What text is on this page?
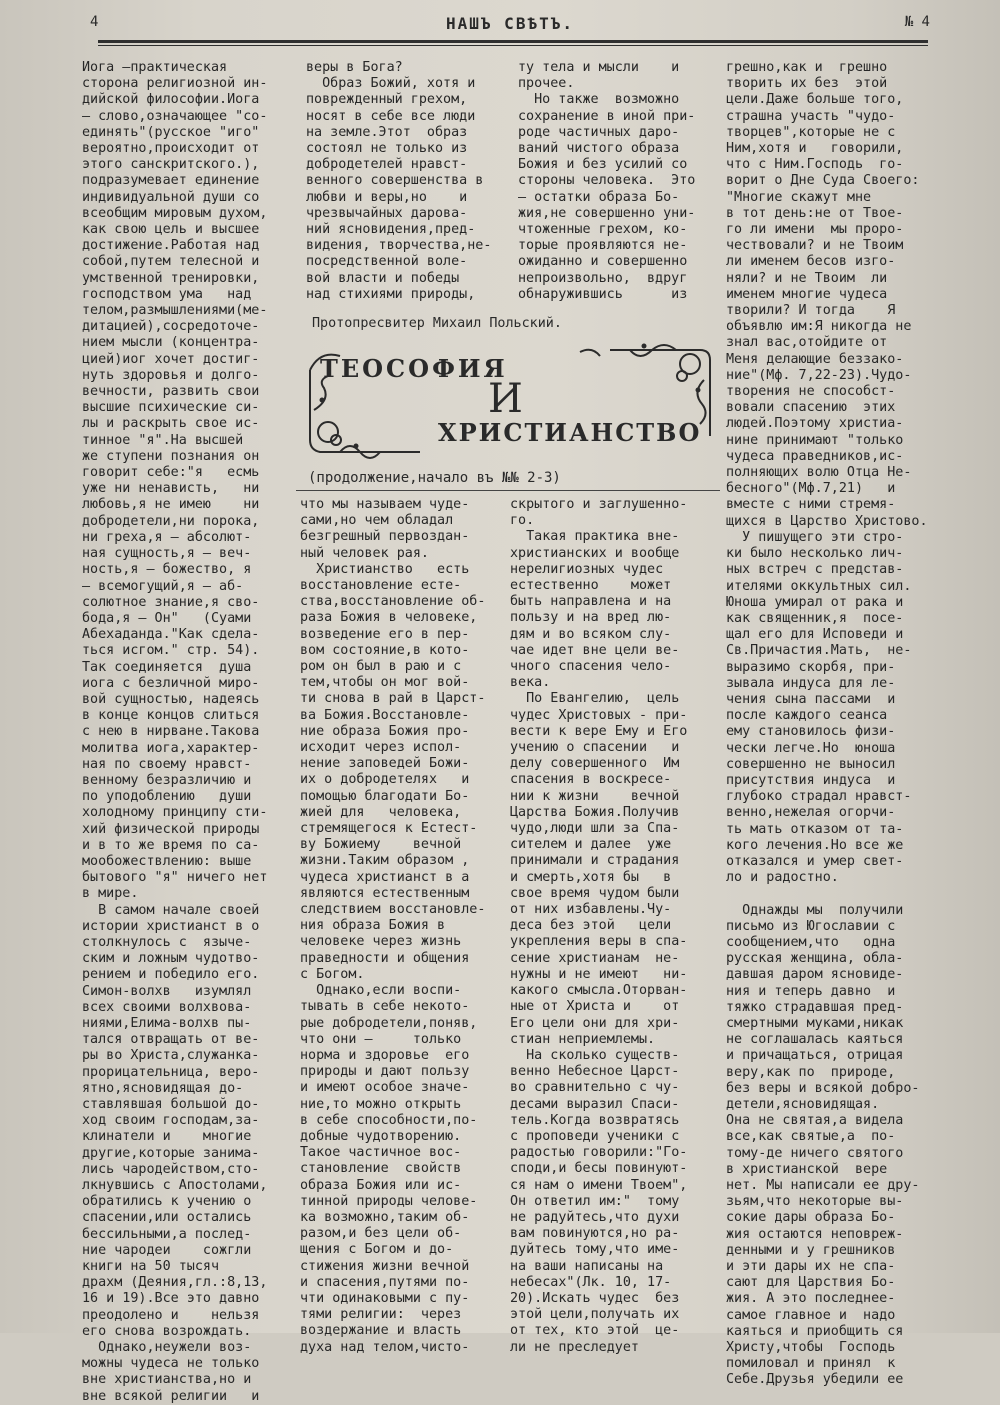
4	НАШЪ СВѢТЪ.	№ 4
Иога —практическая
сторона религиозной ин-
дийской философии.Иога
— слово,означающее "со-
единять"(русское "иго"
вероятно,происходит от
этого санскритского.),
подразумевает единение
индивидуальной души со
всеобщим мировым духом,
как свою цель и высшее
достижение.Работая над
собой,путем телесной и
умственной тренировки,
господством ума   над
телом,размышлениями(ме-
дитацией),сосредоточе-
нием мысли (концентра-
цией)иог хочет достиг-
нуть здоровья и долго-
вечности, развить свои
высшие психические си-
лы и раскрыть свое ис-
тинное "я".На высшей
же ступени познания он
говорит себе:"я   есмь
уже ни ненависть,   ни
любовь,я не имею    ни
добродетели,ни порока,
ни греха,я — абсолют-
ная сущность,я — веч-
ность,я — божество, я
— всемогущий,я — аб-
солютное знание,я сво-
бода,я — Он"   (Суами
Абехаданда."Как сдела-
ться исгом." стр. 54).
Так соединяется  душа
иога с безличной миро-
вой сущностью, надеясь
в конце концов слиться
с нею в нирване.Такова
молитва иога,характер-
ная по своему нравст-
венному безразличию и
по уподоблению   души
холодному принципу сти-
хий физической природы
и в то же время по са-
мообожествлению: выше
бытового "я" ничего нет
в мире.
В самом начале своей
истории христианст в о
столкнулось с  языче-
ским и ложным чудотво-
рением и победило его.
Симон-волхв   изумлял
всех своими волхвова-
ниями,Елима-волхв пы-
тался отвращать от ве-
ры во Христа,служанка-
прорицательница, веро-
ятно,ясновидящая до-
ставлявшая большой до-
ход своим господам,за-
клинатели и    многие
другие,которые занима-
лись чародейством,сто-
лкнувшись с Апостолами,
обратились к учению о
спасении,или остались
бессильными,а послед-
ние чародеи    сожгли
книги на 50 тысяч
драхм (Деяния,гл.:8,13,
16 и 19).Все это давно
преодолено и    нельзя
его снова возрождать.
Однако,неужели воз-
можны чудеса не только
вне христианства,но и
вне всякой религии   и
веры в Бога?
Образ Божий, хотя и
поврежденный грехом,
носят в себе все люди
на земле.Этот  образ
состоял не только из
добродетелей нравст-
венного совершенства в
любви и веры,но    и
чрезвычайных дарова-
ний ясновидения,пред-
видения, творчества,не-
посредственной воле-
вой власти и победы
над стихиями природы,
ту тела и мысли    и
прочее.
Но также  возможно
сохранение в иной при-
роде частичных даро-
ваний чистого образа
Божия и без усилий со
стороны человека.  Это
— остатки образа Бо-
жия,не совершенно уни-
чтоженные грехом, ко-
торые проявляются не-
ожиданно и совершенно
непроизвольно,  вдруг
обнаружившись      из
грешно,как и  грешно
творить их без  этой
цели.Даже больше того,
страшна участь "чудо-
творцев",которые не с
Ним,хотя и   говорили,
что с Ним.Господь  го-
ворит о Дне Суда Своего:
"Многие скажут мне
в тот день:не от Твое-
го ли имени  мы проро-
чествовали? и не Твоим
ли именем бесов изго-
няли? и не Твоим  ли
именем многие чудеса
творили? И тогда    Я
объявлю им:Я никогда не
знал вас,отойдите от
Меня делающие беззако-
ние"(Мф. 7,22-23).Чудо-
творения не способст-
вовали спасению  этих
людей.Поэтому христиа-
нине принимают "только
чудеса праведников,ис-
полняющих волю Отца Не-
бесного"(Мф.7,21)   и
вместе с ними стремя-
щихся в Царство Христово.
У пишущего эти стро-
ки было несколько лич-
ных встреч с представ-
ителями оккультных сил.
Юноша умирал от рака и
как священник,я  посе-
щал его для Исповеди и
Св.Причастия.Мать,  не-
выразимо скорбя, при-
зывала индуса для ле-
чения сына пассами  и
после каждого сеанса
ему становилось физи-
чески легче.Но  юноша
совершенно не выносил
присутствия индуса  и
глубоко страдал нравст-
венно,нежелая огорчи-
ть мать отказом от та-
кого лечения.Но все же
отказался и умер свет-
ло и радостно.

Однажды мы  получили
письмо из Югославии с
сообщением,что   одна
русская женщина, обла-
давшая даром ясновиде-
ния и теперь давно  и
тяжко страдавшая пред-
смертными муками,никак
не соглашалась каяться
и причащаться, отрицая
веру,как по  природе,
без веры и всякой добро-
детели,ясновидящая.
Она не святая,а видела
все,как святые,а  по-
тому-де ничего святого
в христианской  вере
нет. Мы написали ее дру-
зьям,что некоторые вы-
сокие дары образа Бо-
жия остаются неповреж-
денными и у грешников
и эти дары их не спа-
сают для Царствия Бо-
жия. А это последнее-
самое главное и  надо
каяться и приобщить ся
Христу,чтобы  Господь
помиловал и принял  к
Себе.Друзья убедили ее
Протопресвитер Михаил Польский.
ТЕОСОФИЯ
И
ХРИСТИАНСТВО
(продолжение,начало въ №№ 2-3)
что мы называем чуде-
сами,но чем обладал
безгрешный первоздан-
ный человек рая.
Христианство   есть
восстановление есте-
ства,восстановление об-
раза Божия в человеке,
возведение его в пер-
вом состояние,в кото-
ром он был в раю и с
тем,чтобы он мог вой-
ти снова в рай в Царст-
ва Божия.Восстановле-
ние образа Божия про-
исходит через испол-
нение заповедей Божи-
их о добродетелях   и
помощью благодати Бо-
жией для   человека,
стремящегося к Естест-
ву Божиему    вечной
жизни.Таким образом ,
чудеса христианст в а
являются естественным
следствием восстановле-
ния образа Божия в
человеке через жизнь
праведности и общения
с Богом.
Однако,если воспи-
тывать в себе некото-
рые добродетели,поняв,
что они —     только
норма и здоровье  его
природы и дают пользу
и имеют особое значе-
ние,то можно открыть
в себе способности,по-
добные чудотворению.
Такое частичное вос-
становление  свойств
образа Божия или ис-
тинной природы челове-
ка возможно,таким об-
разом,и без цели об-
щения с Богом и до-
стижения жизни вечной
и спасения,путями по-
чти одинаковыми с пу-
тями религии:  через
воздержание и власть
духа над телом,чисто-
скрытого и заглушенно-
го.
Такая практика вне-
христианских и вообще
нерелигиозных чудес
естественно    может
быть направлена и на
пользу и на вред лю-
дям и во всяком слу-
чае идет вне цели ве-
чного спасения чело-
века.
По Евангелию,  цель
чудес Христовых - при-
вести к вере Ему и Его
учению о спасении   и
делу совершенного  Им
спасения в воскресе-
нии к жизни    вечной
Царства Божия.Получив
чудо,люди шли за Спа-
сителем и далее  уже
принимали и страдания
и смерть,хотя бы   в
свое время чудом были
от них избавлены.Чу-
деса без этой   цели
укрепления веры в спа-
сение христианам  не-
нужны и не имеют   ни-
какого смысла.Оторван-
ные от Христа и    от
Его цели они для хри-
стиан неприемлемы.
На сколько существ-
венно Небесное Царст-
во сравнительно с чу-
десами выразил Спаси-
тель.Когда возвратясь
с проповеди ученики с
радостью говорили:"Го-
споди,и бесы повинуют-
ся нам о имени Твоем",
Он ответил им:"  тому
не радуйтесь,что духи
вам повинуются,но ра-
дуйтесь тому,что име-
на ваши написаны на
небесах"(Лк. 10, 17-
20).Искать чудес  без
этой цели,получать их
от тех, кто этой  це-
ли не преследует
